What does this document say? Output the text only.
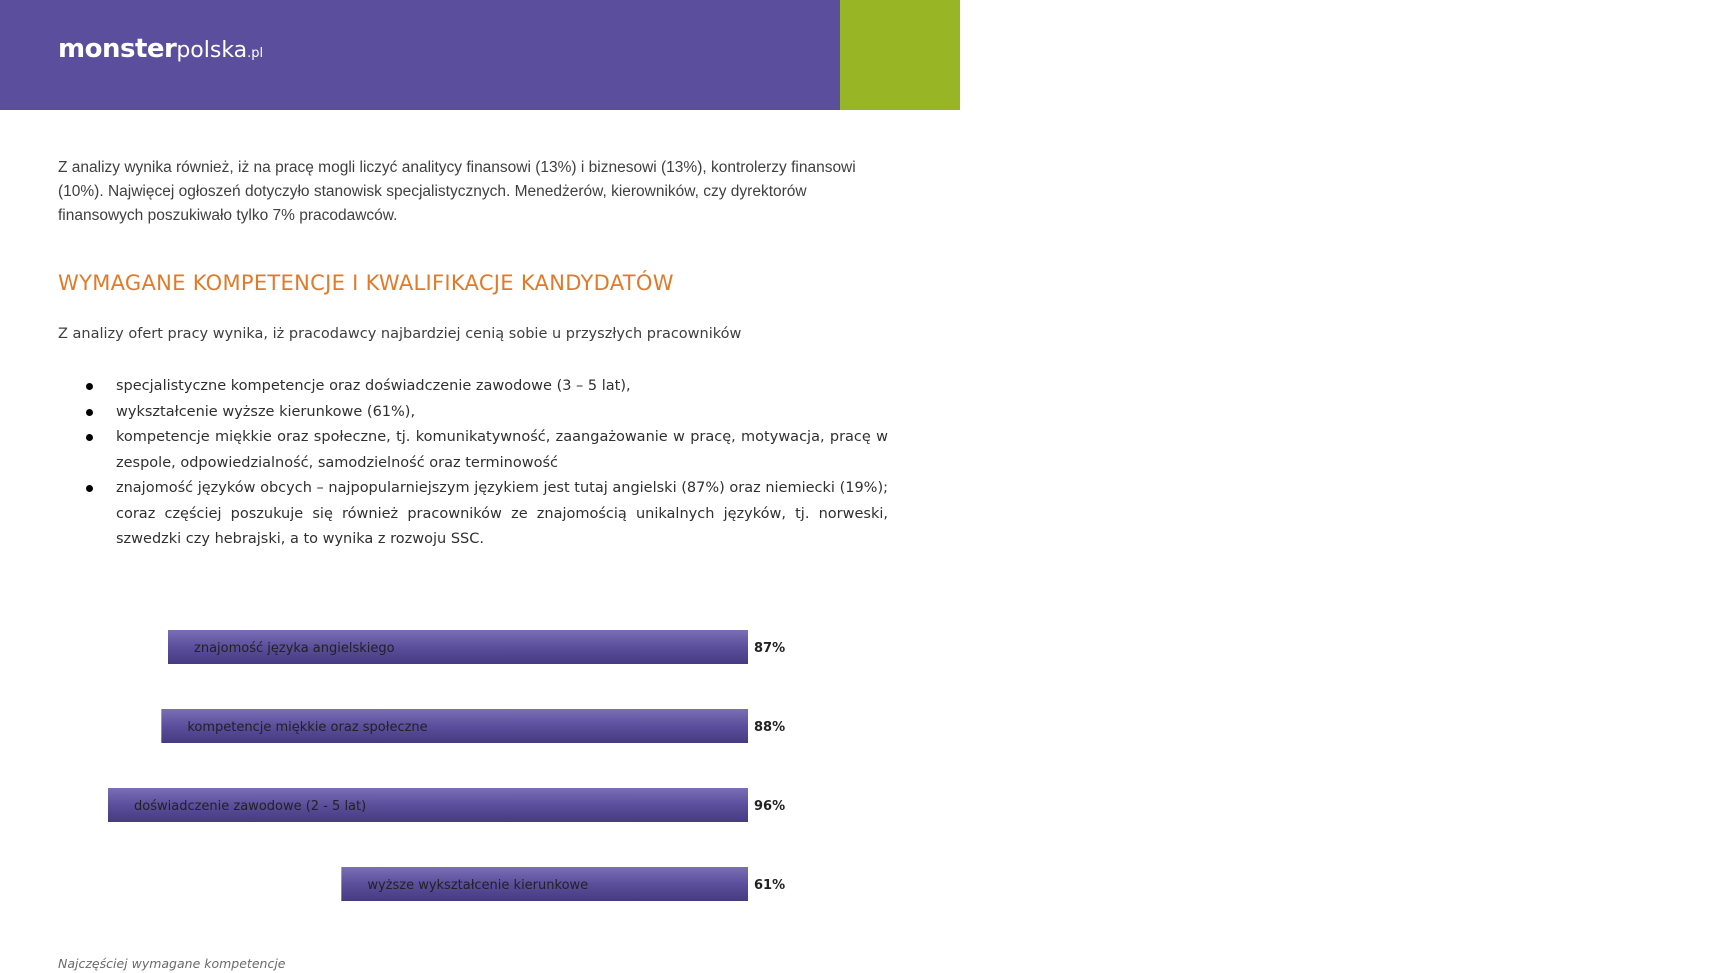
monsterpolska.pl	7

Z analizy wynika również, iż na pracę mogli liczyć analitycy finansowi (13%) i biznesowi (13%), kontrolerzy finansowi (10%). Najwięcej ogłoszeń dotyczyło stanowisk specjalistycznych. Menedżerów, kierowników, czy dyrektorów finansowych poszukiwało tylko 7% pracodawców.

WYMAGANE KOMPETENCJE I KWALIFIKACJE KANDYDATÓW

Z analizy ofert pracy wynika, iż pracodawcy najbardziej cenią sobie u przyszłych pracowników

specjalistyczne kompetencje oraz doświadczenie zawodowe (3 – 5 lat),
wykształcenie wyższe kierunkowe (61%),
kompetencje miękkie oraz społeczne, tj. komunikatywność, zaangażowanie w pracę, motywacja, pracę w zespole, odpowiedzialność, samodzielność oraz terminowość
znajomość języków obcych – najpopularniejszym językiem jest tutaj angielski (87%) oraz niemiecki (19%); coraz częściej poszukuje się również pracowników ze znajomością unikalnych języków, tj. norweski, szwedzki czy hebrajski, a to wynika z rozwoju SSC.
znajomość języka angielskiego	87%
kompetencje miękkie oraz społeczne	88%
doświadczenie zawodowe (2 - 5 lat)	96%
wyższe wykształcenie kierunkowe	61%
Najczęściej wymagane kompetencje
